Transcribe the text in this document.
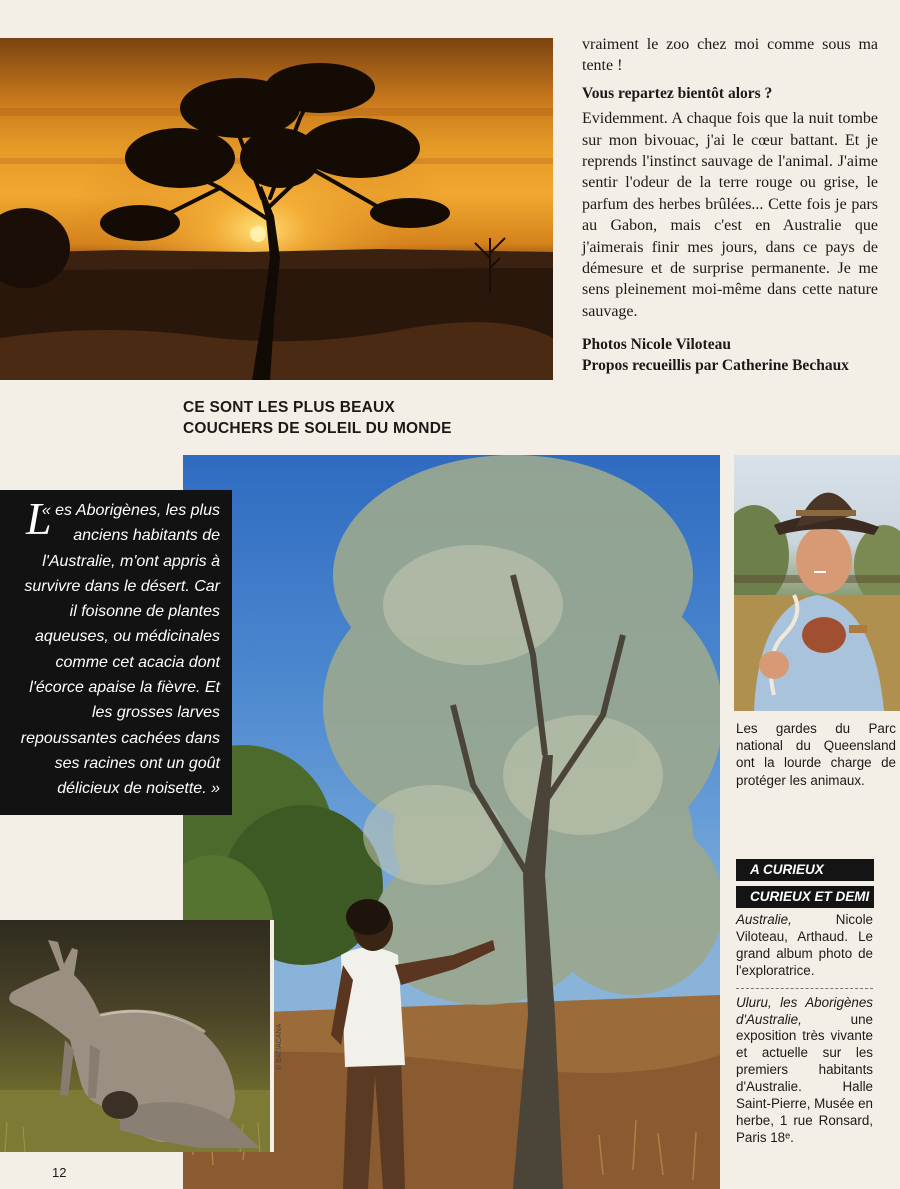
vraiment le zoo chez moi comme sous ma tente !

Vous repartez bientôt alors ?

Evidemment. A chaque fois que la nuit tombe sur mon bivouac, j'ai le cœur battant. Et je reprends l'instinct sauvage de l'animal. J'aime sentir l'odeur de la terre rouge ou grise, le parfum des herbes brûlées... Cette fois je pars au Gabon, mais c'est en Australie que j'aimerais finir mes jours, dans ce pays de démesure et de surprise permanente. Je me sens pleinement moi-même dans cette nature sauvage.

Photos Nicole Viloteau
Propos recueillis par Catherine Bechaux
CE SONT LES PLUS BEAUX
COUCHERS DE SOLEIL DU MONDE
L
« es Aborigènes, les plus
anciens habitants de
l'Australie, m'ont appris à
survivre dans le désert. Car
il foisonne de plantes
aqueuses, ou médicinales
comme cet acacia dont
l'écorce apaise la fièvre. Et
les grosses larves
repoussantes cachées dans
ses racines ont un goût
délicieux de noisette. »
© BAT/ACANA
Les gardes du Parc national du Queensland ont la lourde charge de protéger les animaux.
A CURIEUX
CURIEUX ET DEMI

Australie, Nicole Viloteau, Arthaud. Le grand album photo de l'exploratrice.

Uluru, les Aborigènes d'Australie, une exposition très vivante et actuelle sur les premiers habitants d'Australie. Halle Saint-Pierre, Musée en herbe, 1 rue Ronsard, Paris 18ᵉ.

12
